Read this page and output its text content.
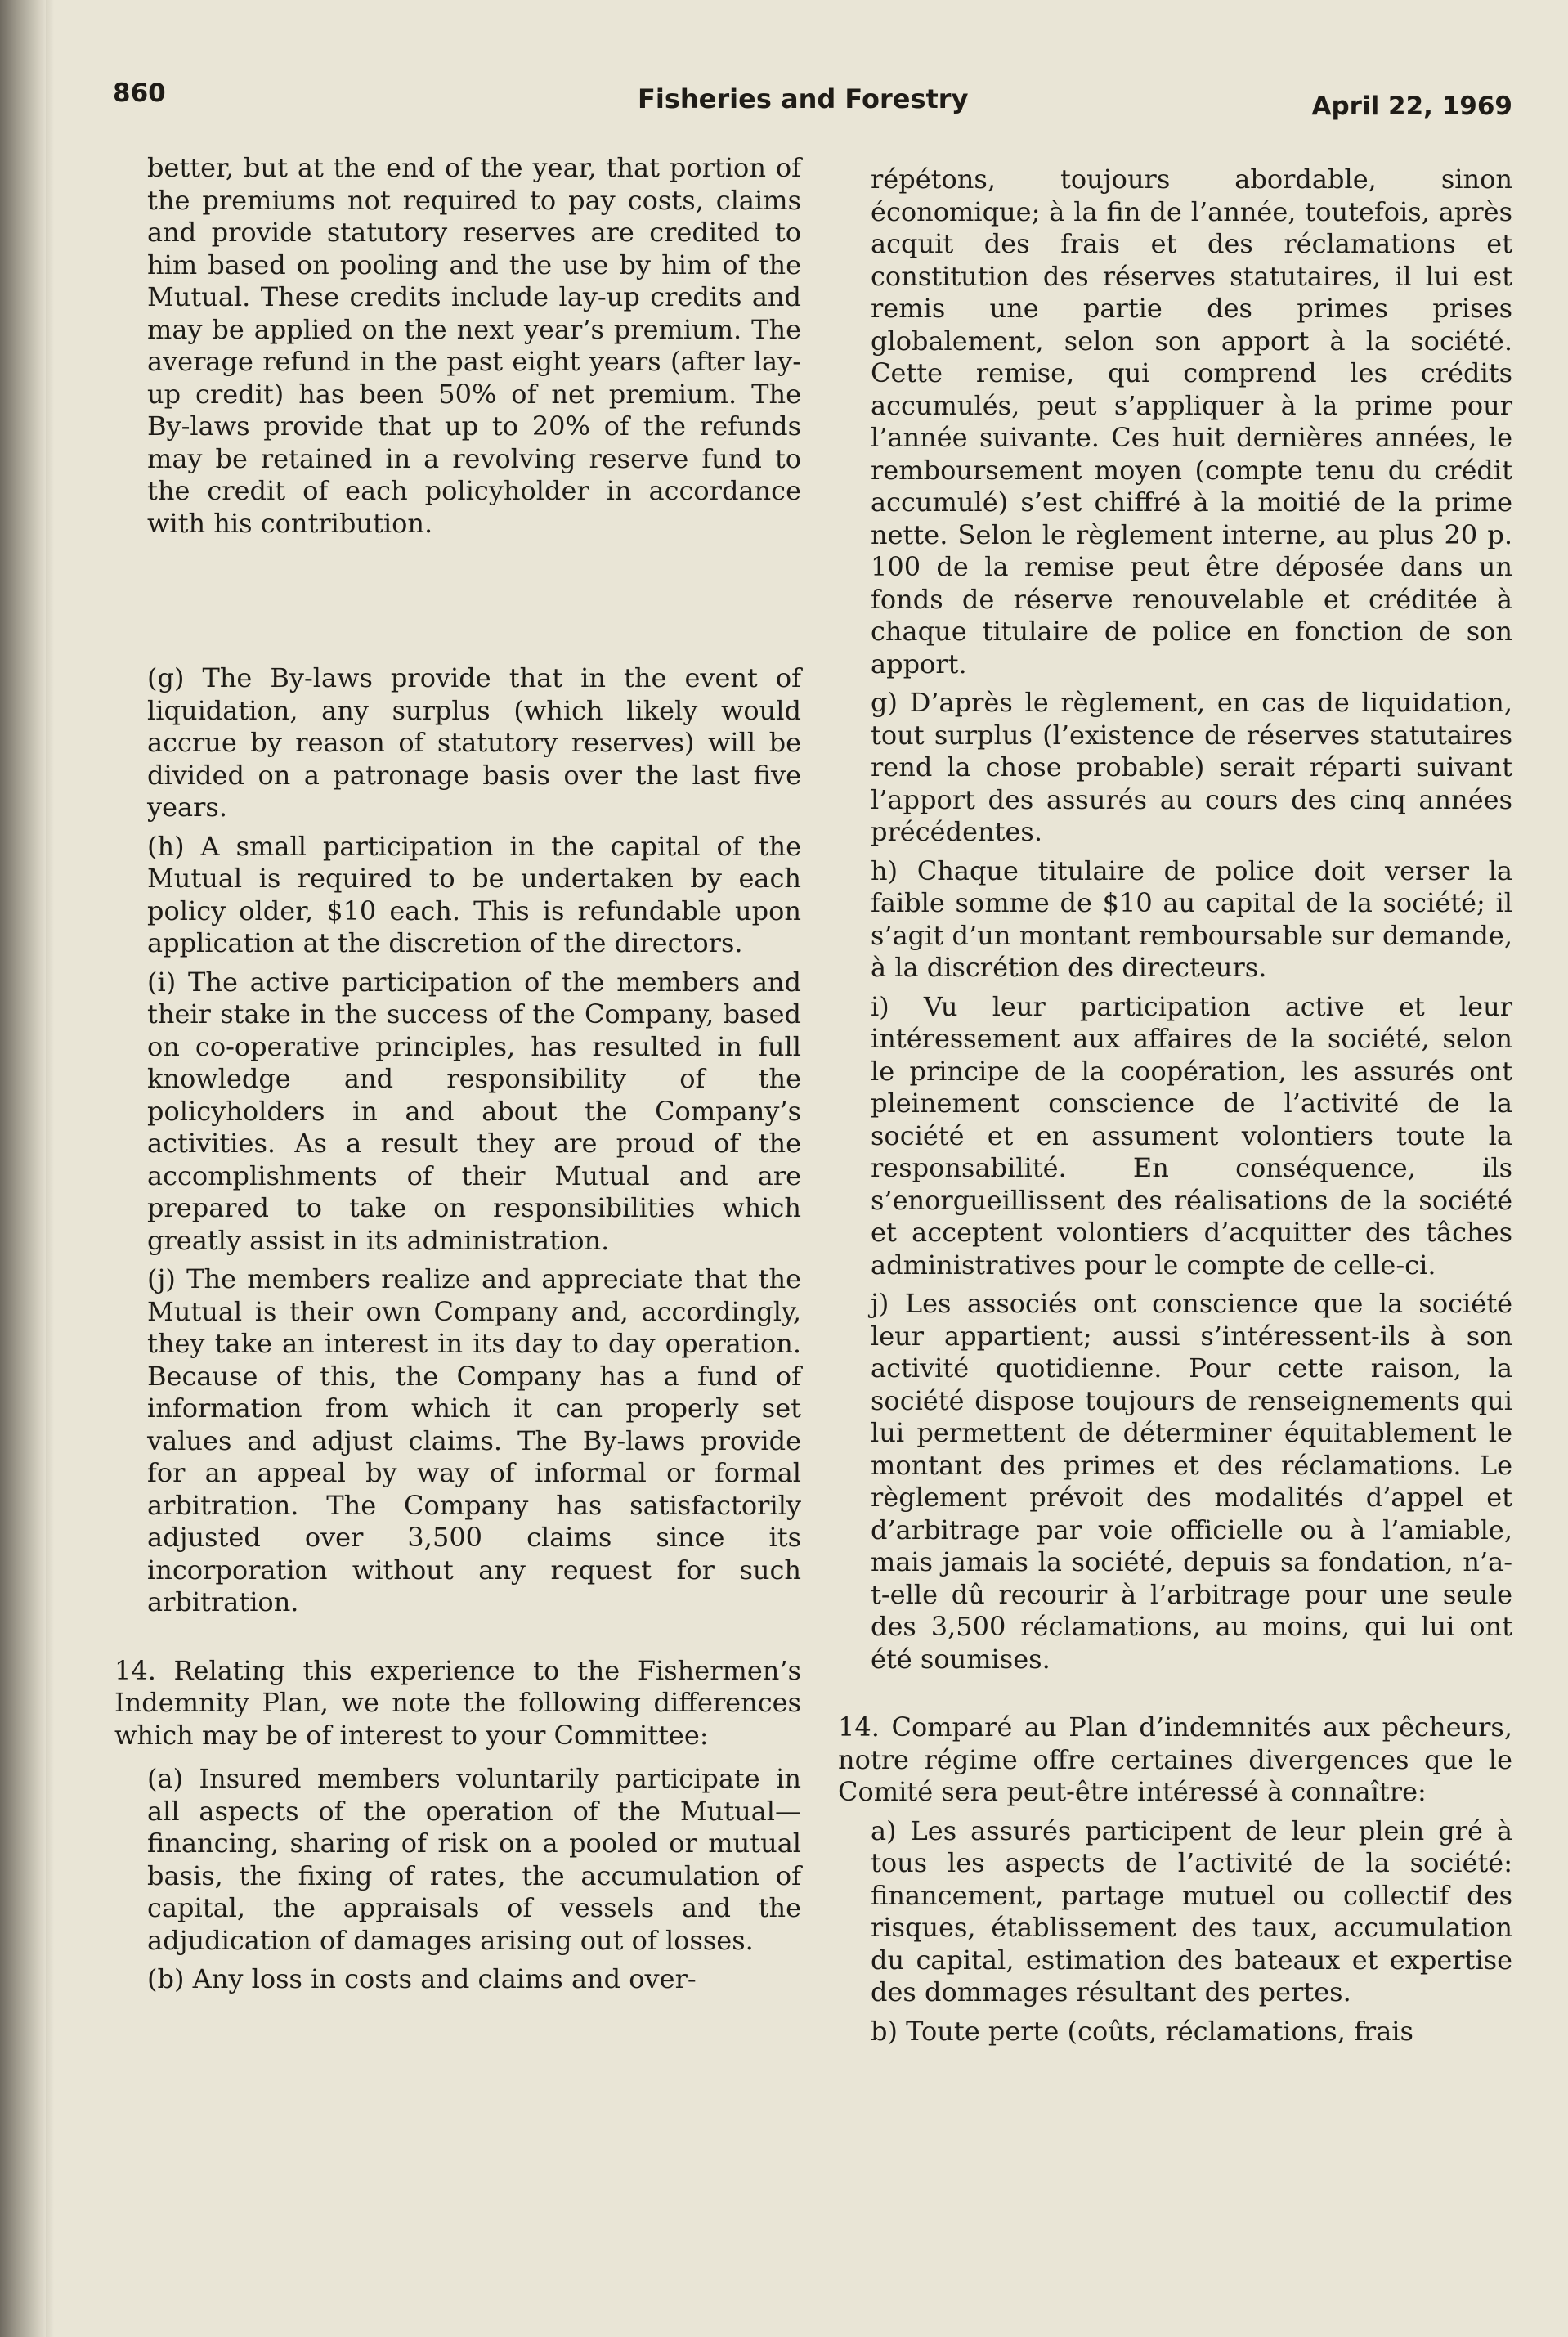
860	Fisheries and Forestry	April 22, 1969

better, but at the end of the year, that portion of the premiums not required to pay costs, claims and provide statutory reserves are credited to him based on pooling and the use by him of the Mutual. These credits include lay-up credits and may be applied on the next year’s premium. The average refund in the past eight years (after lay-up credit) has been 50% of net premium. The By-laws provide that up to 20% of the refunds may be retained in a revolving reserve fund to the credit of each policyholder in accordance with his contribution.

(g) The By-laws provide that in the event of liquidation, any surplus (which likely would accrue by reason of statutory reserves) will be divided on a patronage basis over the last five years.

(h) A small participation in the capital of the Mutual is required to be undertaken by each policy older, $10 each. This is refundable upon application at the discretion of the directors.

(i) The active participation of the members and their stake in the success of the Company, based on co-operative principles, has resulted in full knowledge and responsibility of the policyholders in and about the Company’s activities. As a result they are proud of the accomplishments of their Mutual and are prepared to take on responsibilities which greatly assist in its administration.

(j) The members realize and appreciate that the Mutual is their own Company and, accordingly, they take an interest in its day to day operation. Because of this, the Company has a fund of information from which it can properly set values and adjust claims. The By-laws provide for an appeal by way of informal or formal arbitration. The Company has satisfactorily adjusted over 3,500 claims since its incorporation without any request for such arbitration.

14. Relating this experience to the Fishermen’s Indemnity Plan, we note the following differences which may be of interest to your Committee:

(a) Insured members voluntarily participate in all aspects of the operation of the Mutual—financing, sharing of risk on a pooled or mutual basis, the fixing of rates, the accumulation of capital, the appraisals of vessels and the adjudication of damages arising out of losses.

(b) Any loss in costs and claims and over-

répétons, toujours abordable, sinon économique; à la fin de l’année, toutefois, après acquit des frais et des réclamations et constitution des réserves statutaires, il lui est remis une partie des primes prises globalement, selon son apport à la société. Cette remise, qui comprend les crédits accumulés, peut s’appliquer à la prime pour l’année suivante. Ces huit dernières années, le remboursement moyen (compte tenu du crédit accumulé) s’est chiffré à la moitié de la prime nette. Selon le règlement interne, au plus 20 p. 100 de la remise peut être déposée dans un fonds de réserve renouvelable et créditée à chaque titulaire de police en fonction de son apport.

g) D’après le règlement, en cas de liquidation, tout surplus (l’existence de réserves statutaires rend la chose probable) serait réparti suivant l’apport des assurés au cours des cinq années précédentes.

h) Chaque titulaire de police doit verser la faible somme de $10 au capital de la société; il s’agit d’un montant remboursable sur demande, à la discrétion des directeurs.

i) Vu leur participation active et leur intéressement aux affaires de la société, selon le principe de la coopération, les assurés ont pleinement conscience de l’activité de la société et en assument volontiers toute la responsabilité. En conséquence, ils s’enorgueillissent des réalisations de la société et acceptent volontiers d’acquitter des tâches administratives pour le compte de celle-ci.

j) Les associés ont conscience que la société leur appartient; aussi s’intéressent-ils à son activité quotidienne. Pour cette raison, la société dispose toujours de renseignements qui lui permettent de déterminer équitablement le montant des primes et des réclamations. Le règlement prévoit des modalités d’appel et d’arbitrage par voie officielle ou à l’amiable, mais jamais la société, depuis sa fondation, n’a-t-elle dû recourir à l’arbitrage pour une seule des 3,500 réclamations, au moins, qui lui ont été soumises.

14. Comparé au Plan d’indemnités aux pêcheurs, notre régime offre certaines divergences que le Comité sera peut-être intéressé à connaître:

a) Les assurés participent de leur plein gré à tous les aspects de l’activité de la société: financement, partage mutuel ou collectif des risques, établissement des taux, accumulation du capital, estimation des bateaux et expertise des dommages résultant des pertes.

b) Toute perte (coûts, réclamations, frais
